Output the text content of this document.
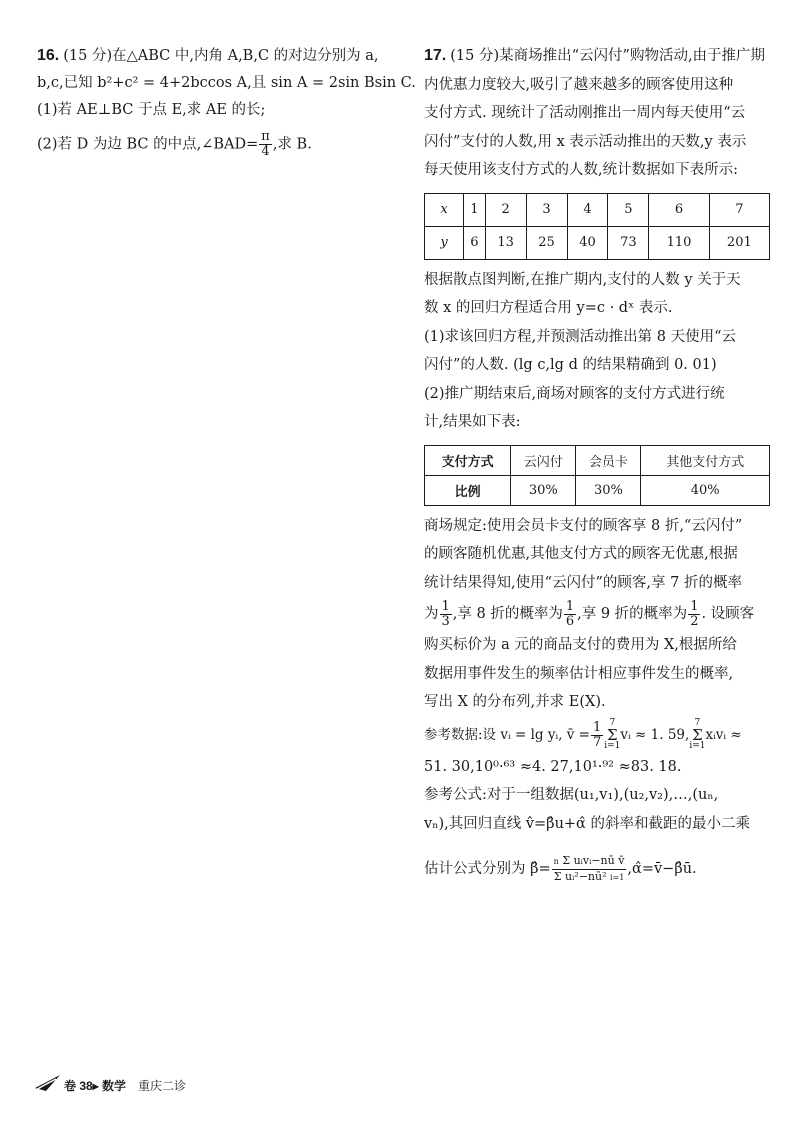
16. (15 分)在△ABC 中,内角 A,B,C 的对边分别为 a,
b,c,已知 b²+c² = 4+2bccos A,且 sin A = 2sin Bsin C.
(1)若 AE⊥BC 于点 E,求 AE 的长;
(2)若 D 为边 BC 的中点,∠BAD= $\frac{\pi}{4}$ ,求 B.
17. (15 分)某商场推出“云闪付”购物活动,由于推广期
内优惠力度较大,吸引了越来越多的顾客使用这种
支付方式. 现统计了活动刚推出一周内每天使用“云
闪付”支付的人数,用 x 表示活动推出的天数,y 表示
每天使用该支付方式的人数,统计数据如下表所示:
x	1	2	3	4	5	6	7
y	6	13	25	40	73	110	201
根据散点图判断,在推广期内,支付的人数 y 关于天
数 x 的回归方程适合用 y=c · dˣ 表示.
(1)求该回归方程,并预测活动推出第 8 天使用“云
闪付”的人数. (lg c,lg d 的结果精确到 0. 01)
(2)推广期结束后,商场对顾客的支付方式进行统
计,结果如下表:
支付方式	云闪付	会员卡	其他支付方式
比例	30%	30%	40%
商场规定:使用会员卡支付的顾客享 8 折,“云闪付”
的顾客随机优惠,其他支付方式的顾客无优惠,根据
统计结果得知,使用“云闪付”的顾客,享 7 折的概率
为 $\frac{1}{3}$ ,享 8 折的概率为 $\frac{1}{6}$ ,享 9 折的概率为 $\frac{1}{2}$ . 设顾客
购买标价为 a 元的商品支付的费用为 X,根据所给
数据用事件发生的频率估计相应事件发生的概率,
写出 X 的分布列,并求 E(X).
参考数据:设 vᵢ = lg yᵢ, v̄ = $\frac{1}{7} 7$
Σ
i=1vᵢ ≈ 1. 59,7
Σ
i=1xᵢvᵢ ≈
51. 30,10⁰·⁶³ ≈4. 27,10¹·⁹² ≈83. 18.
参考公式:对于一组数据(u₁,v₁),(u₂,v₂),…,(uₙ,
vₙ),其回归直线 v̂=β̂u+α̂ 的斜率和截距的最小二乘
估计公式分别为 β̂= $\frac{\text{n Σ uᵢvᵢ−nū v̄}}{\text{Σ uᵢ²−nū² i=1}}$ ,α̂=v̄−β̂ū.
卷 38▸ 数学 重庆二诊
